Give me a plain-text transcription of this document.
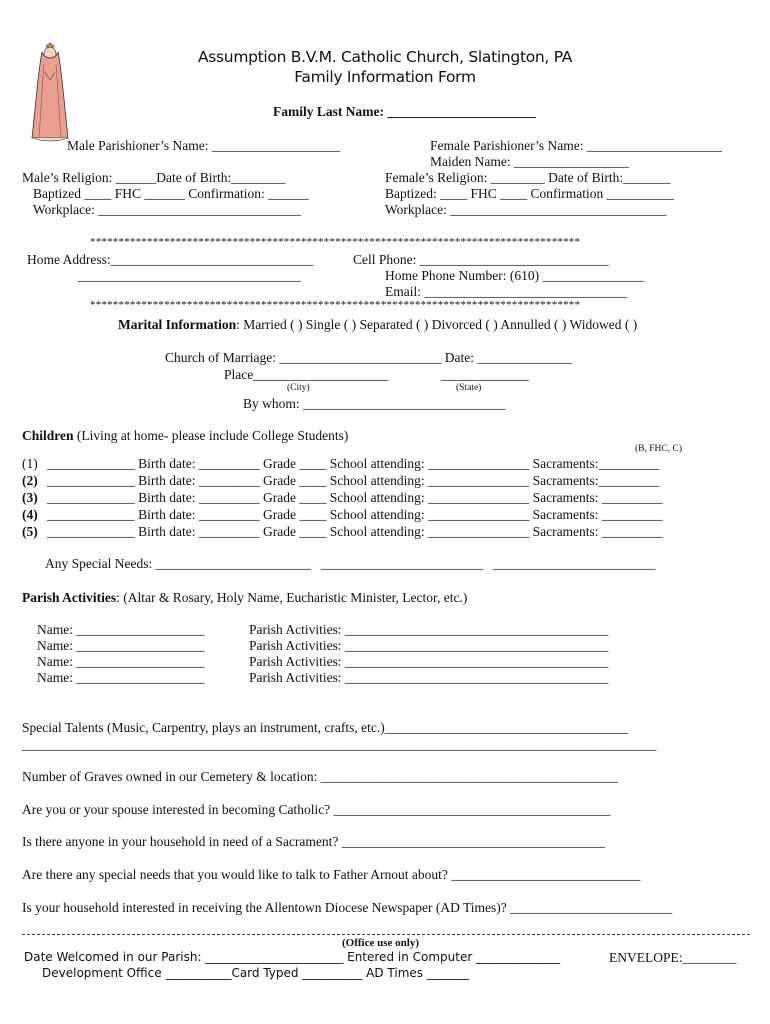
Assumption B.V.M. Catholic Church, Slatington, PA
Family Information Form
Family Last Name: ______________________
Male Parishioner’s Name: ___________________
Male’s Religion: ______Date of Birth:________
Baptized ____ FHC ______ Confirmation: ______
Workplace: ______________________________
Female Parishioner’s Name: ____________________
Maiden Name: _________________
Female’s Religion: ________ Date of Birth:_______
Baptized: ____ FHC ____ Confirmation __________
Workplace: ________________________________
**************************************************************************************
Home Address:______________________________
_________________________________
Cell Phone: ____________________________
Home Phone Number: (610) _______________
Email: ______________________________
**************************************************************************************
Marital Information: Married ( ) Single ( ) Separated ( ) Divorced ( ) Annulled ( ) Widowed ( )
Church of Marriage: ________________________ Date: ______________
Place____________________	_____________
(City)	(State)
By whom: ______________________________
Children (Living at home- please include College Students)
(B, FHC, C)
(1) _____________ Birth date: _________ Grade ____ School attending: _______________ Sacraments:_________
(2) _____________ Birth date: _________ Grade ____ School attending: _______________ Sacraments:_________
(3) _____________ Birth date: _________ Grade ____ School attending: _______________ Sacraments: _________
(4) _____________ Birth date: _________ Grade ____ School attending: _______________ Sacraments: _________
(5) _____________ Birth date: _________ Grade ____ School attending: _______________ Sacraments: _________
Any Special Needs: _______________________   ________________________   ________________________
Parish Activities: (Altar & Rosary, Holy Name, Eucharistic Minister, Lector, etc.)
Name: ___________________	Parish Activities: _______________________________________
Name: ___________________	Parish Activities: _______________________________________
Name: ___________________	Parish Activities: _______________________________________
Name: ___________________	Parish Activities: _______________________________________
Special Talents (Music, Carpentry, plays an instrument, crafts, etc.)____________________________________
______________________________________________________________________________________________
Number of Graves owned in our Cemetery & location: ____________________________________________
Are you or your spouse interested in becoming Catholic? _________________________________________
Is there anyone in your household in need of a Sacrament? _______________________________________
Are there any special needs that you would like to talk to Father Arnout about? ____________________________
Is your household interested in receiving the Allentown Diocese Newspaper (AD Times)? ________________________
(Office use only)
Date Welcomed in our Parish: _______________________ Entered in Computer ______________	ENVELOPE:________
Development Office ___________Card Typed __________ AD Times _______
